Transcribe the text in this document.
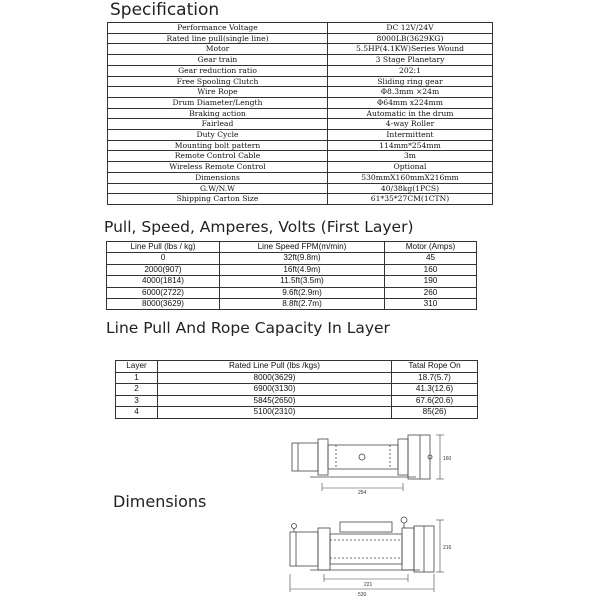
Specification
Performance Voltage	DC 12V/24V
Rated line pull(single line)	8000LB(3629KG)
Motor	5.5HP(4.1KW)Series Wound
Gear train	3 Stage Planetary
Gear reduction ratio	202:1
Free Spooling Clutch	Sliding ring gear
Wire Rope	Φ8.3mm ×24m
Drum Diameter/Length	Φ64mm x224mm
Braking action	Automatic in the drum
Fairlead	4-way Roller
Duty Cycle	Intermittent
Mounting bolt pattern	114mm*254mm
Remote Control Cable	3m
Wireless Remote Control	Optional
Dimensions	530mmX160mmX216mm
G.W/N.W	40/38kg(1PCS)
Shipping Carton Size	61*35*27CM(1CTN)
Pull, Speed, Amperes, Volts (First Layer)
Line Pull (lbs / kg)	Line Speed FPM(m/min)	Motor (Amps)
0	32ft(9.8m)	45
2000(907)	16ft(4.9m)	160
4000(1814)	11.5ft(3.5m)	190
6000(2722)	9.6ft(2.9m)	260
8000(3629)	8.8ft(2.7m)	310
Line Pull And Rope Capacity In Layer
Layer	Rated Line Pull (lbs /kgs)	Tatal Rope On
1	8000(3629)	18.7(5.7)
2	6900(3130)	41.3(12.6)
3	5845(2650)	67.6(20.6)
4	5100(2310)	85(26)
254
160
Dimensions
216
221
530
